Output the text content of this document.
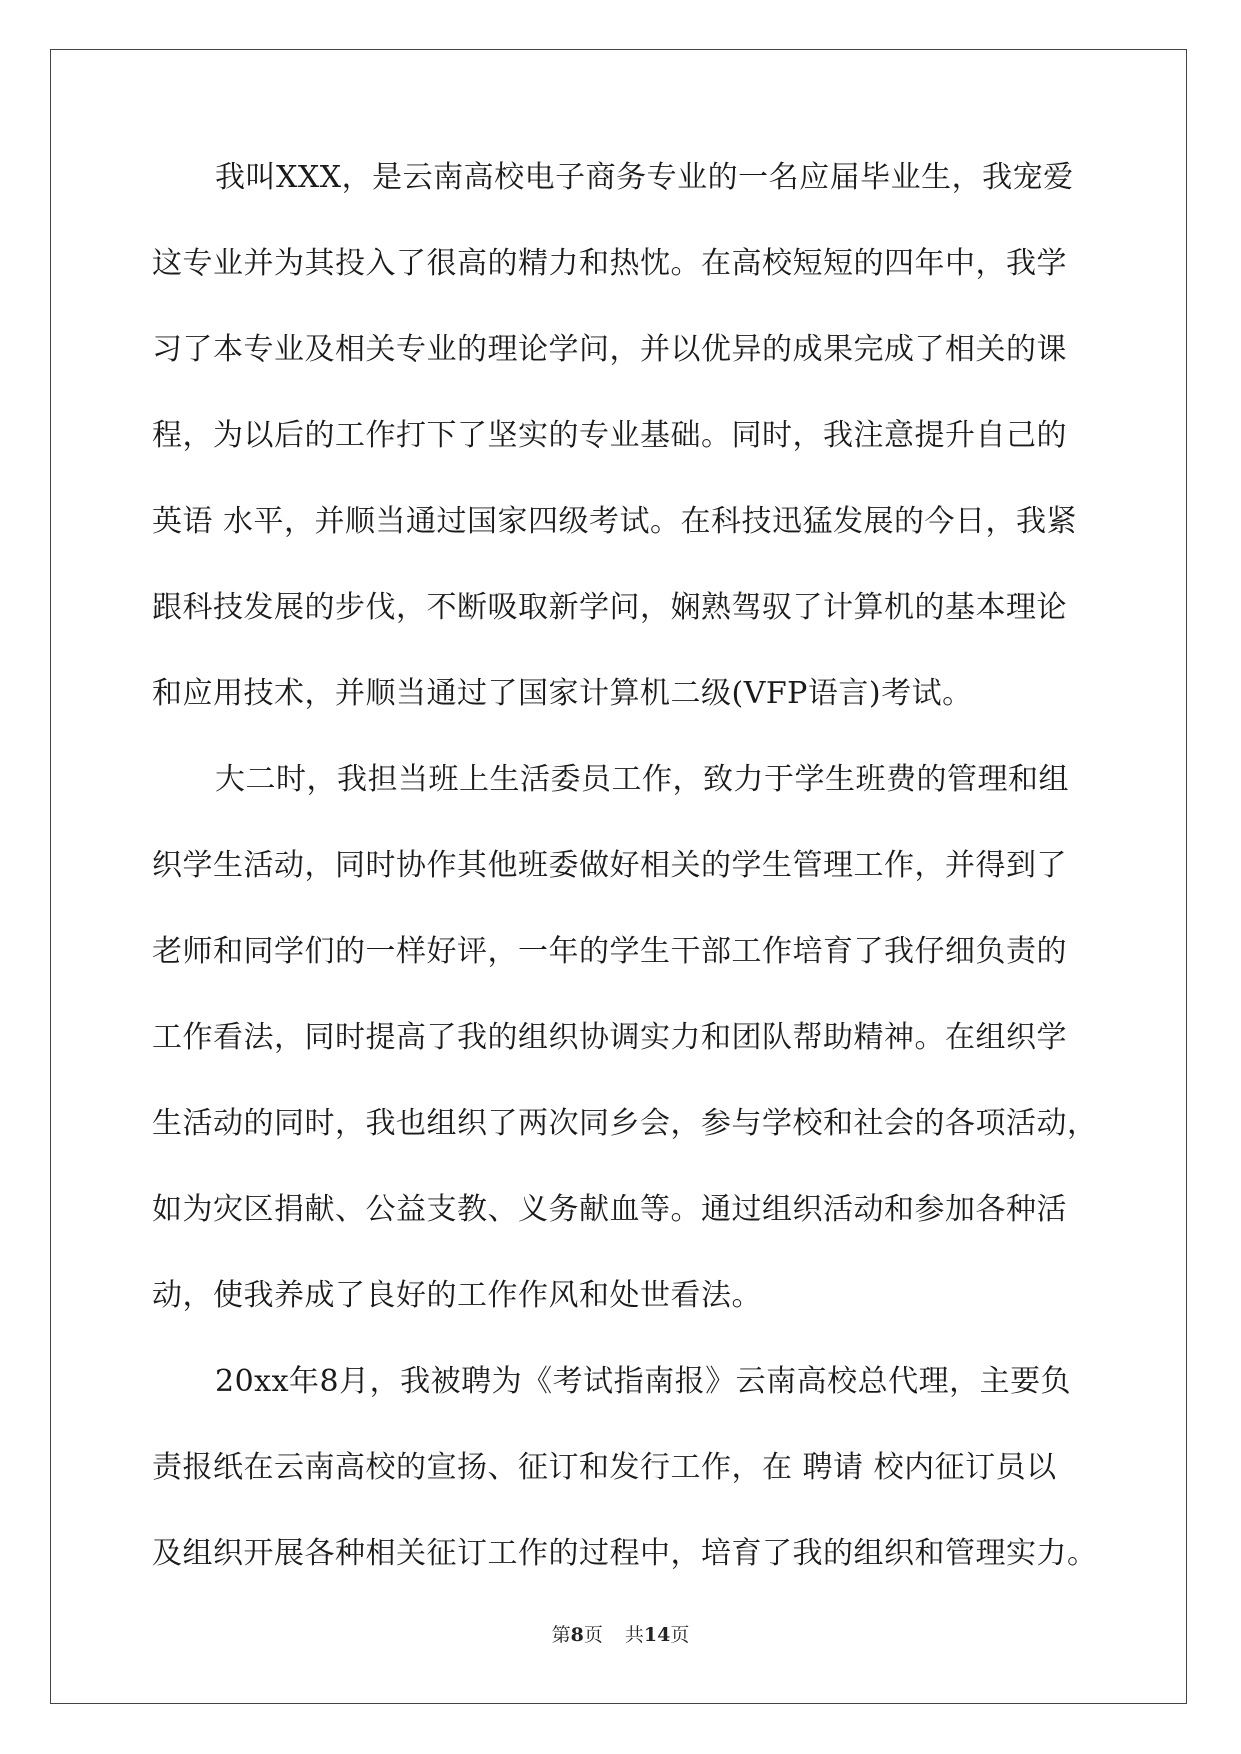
我叫XXX，是云南高校电子商务专业的一名应届毕业生，我宠爱
这专业并为其投入了很高的精力和热忱。在高校短短的四年中，我学
习了本专业及相关专业的理论学问，并以优异的成果完成了相关的课
程，为以后的工作打下了坚实的专业基础。同时，我注意提升自己的
英语 水平，并顺当通过国家四级考试。在科技迅猛发展的今日，我紧
跟科技发展的步伐，不断吸取新学问，娴熟驾驭了计算机的基本理论
和应用技术，并顺当通过了国家计算机二级(VFP语言)考试。
大二时，我担当班上生活委员工作，致力于学生班费的管理和组
织学生活动，同时协作其他班委做好相关的学生管理工作，并得到了
老师和同学们的一样好评，一年的学生干部工作培育了我仔细负责的
工作看法，同时提高了我的组织协调实力和团队帮助精神。在组织学
生活动的同时，我也组织了两次同乡会，参与学校和社会的各项活动，
如为灾区捐献、公益支教、义务献血等。通过组织活动和参加各种活
动，使我养成了良好的工作作风和处世看法。
20xx年8月，我被聘为《考试指南报》云南高校总代理，主要负
责报纸在云南高校的宣扬、征订和发行工作，在 聘请 校内征订员以
及组织开展各种相关征订工作的过程中，培育了我的组织和管理实力。
第8页 共14页
